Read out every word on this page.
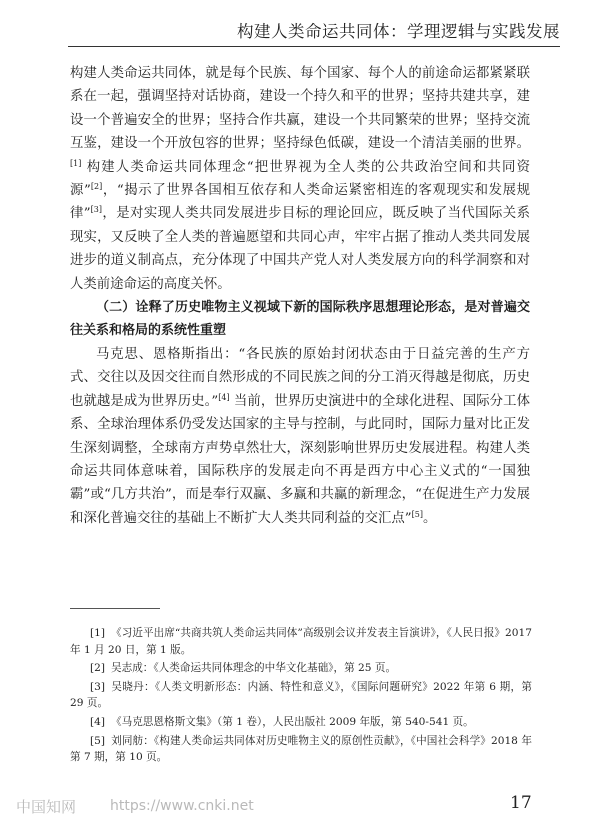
构建人类命运共同体：学理逻辑与实践发展

构建人类命运共同体，就是每个民族、每个国家、每个人的前途命运都紧紧联系在一起，强调坚持对话协商，建设一个持久和平的世界；坚持共建共享，建设一个普遍安全的世界；坚持合作共赢，建设一个共同繁荣的世界；坚持交流互鉴，建设一个开放包容的世界；坚持绿色低碳，建设一个清洁美丽的世界。[1] 构建人类命运共同体理念“把世界视为全人类的公共政治空间和共同资源”[2]，“揭示了世界各国相互依存和人类命运紧密相连的客观现实和发展规律”[3]，是对实现人类共同发展进步目标的理论回应，既反映了当代国际关系现实，又反映了全人类的普遍愿望和共同心声，牢牢占据了推动人类共同发展进步的道义制高点，充分体现了中国共产党人对人类发展方向的科学洞察和对人类前途命运的高度关怀。

（二）诠释了历史唯物主义视域下新的国际秩序思想理论形态，是对普遍交往关系和格局的系统性重塑

马克思、恩格斯指出：“各民族的原始封闭状态由于日益完善的生产方式、交往以及因交往而自然形成的不同民族之间的分工消灭得越是彻底，历史也就越是成为世界历史。”[4] 当前，世界历史演进中的全球化进程、国际分工体系、全球治理体系仍受发达国家的主导与控制，与此同时，国际力量对比正发生深刻调整，全球南方声势卓然壮大，深刻影响世界历史发展进程。构建人类命运共同体意味着，国际秩序的发展走向不再是西方中心主义式的“一国独霸”或“几方共治”，而是奉行双赢、多赢和共赢的新理念，“在促进生产力发展和深化普遍交往的基础上不断扩大人类共同利益的交汇点”[5]。

[1] 《习近平出席“共商共筑人类命运共同体”高级别会议并发表主旨演讲》，《人民日报》2017 年 1 月 20 日，第 1 版。

[2] 吴志成：《人类命运共同体理念的中华文化基础》，第 25 页。

[3] 吴晓丹：《人类文明新形态：内涵、特性和意义》，《国际问题研究》2022 年第 6 期，第 29 页。

[4] 《马克思恩格斯文集》（第 1 卷），人民出版社 2009 年版，第 540-541 页。

[5] 刘同舫：《构建人类命运共同体对历史唯物主义的原创性贡献》，《中国社会科学》2018 年第 7 期，第 10 页。

中国知网 https://www.cnki.net	17
